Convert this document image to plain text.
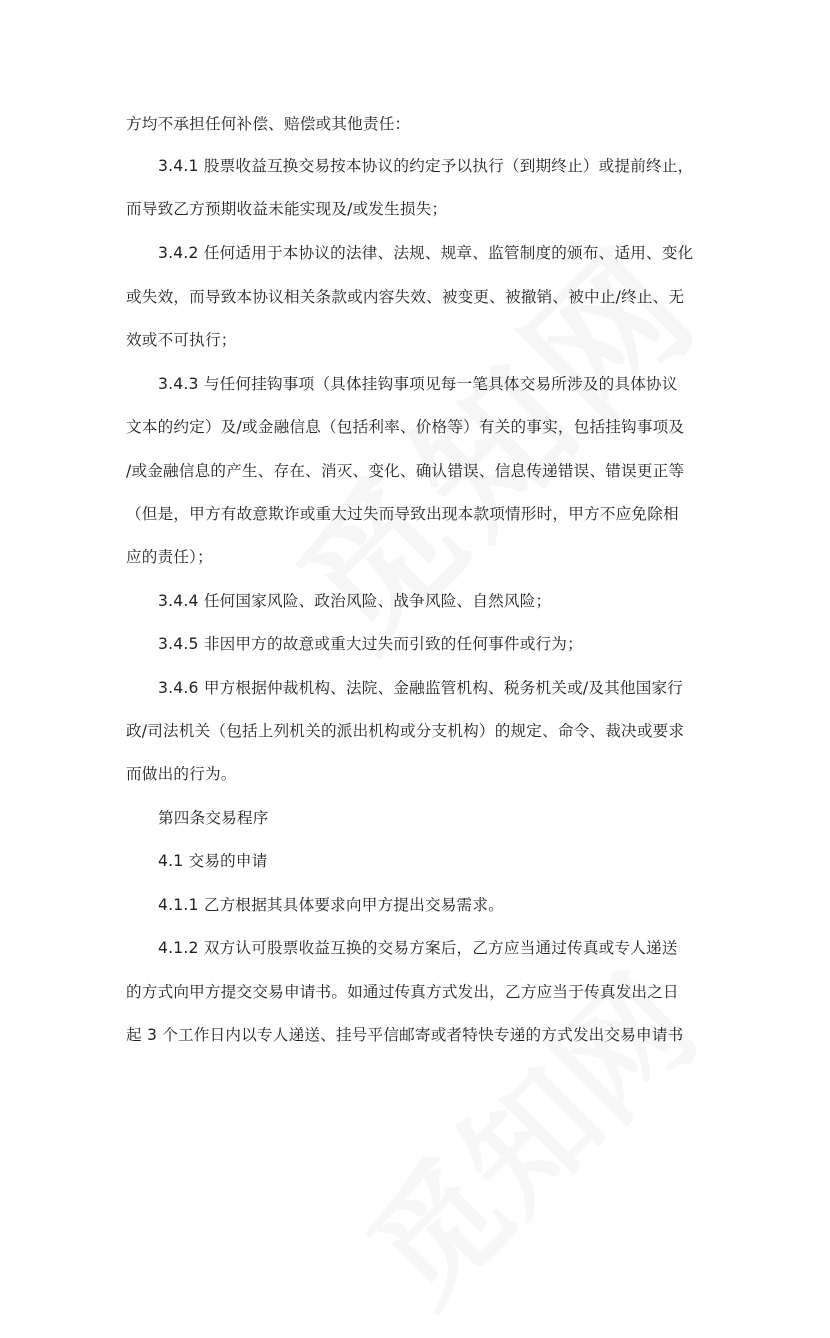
方均不承担任何补偿、赔偿或其他责任：
3.4.1 股票收益互换交易按本协议的约定予以执行（到期终止）或提前终止，
而导致乙方预期收益未能实现及/或发生损失；
3.4.2 任何适用于本协议的法律、法规、规章、监管制度的颁布、适用、变化
或失效，而导致本协议相关条款或内容失效、被变更、被撤销、被中止/终止、无
效或不可执行；
3.4.3 与任何挂钩事项（具体挂钩事项见每一笔具体交易所涉及的具体协议
文本的约定）及/或金融信息（包括利率、价格等）有关的事实，包括挂钩事项及
/或金融信息的产生、存在、消灭、变化、确认错误、信息传递错误、错误更正等
（但是，甲方有故意欺诈或重大过失而导致出现本款项情形时，甲方不应免除相
应的责任）；
3.4.4 任何国家风险、政治风险、战争风险、自然风险；
3.4.5 非因甲方的故意或重大过失而引致的任何事件或行为；
3.4.6 甲方根据仲裁机构、法院、金融监管机构、税务机关或/及其他国家行
政/司法机关（包括上列机关的派出机构或分支机构）的规定、命令、裁决或要求
而做出的行为。
第四条交易程序
4.1 交易的申请
4.1.1 乙方根据其具体要求向甲方提出交易需求。
4.1.2 双方认可股票收益互换的交易方案后，乙方应当通过传真或专人递送
的方式向甲方提交交易申请书。如通过传真方式发出，乙方应当于传真发出之日
起 3 个工作日内以专人递送、挂号平信邮寄或者特快专递的方式发出交易申请书
